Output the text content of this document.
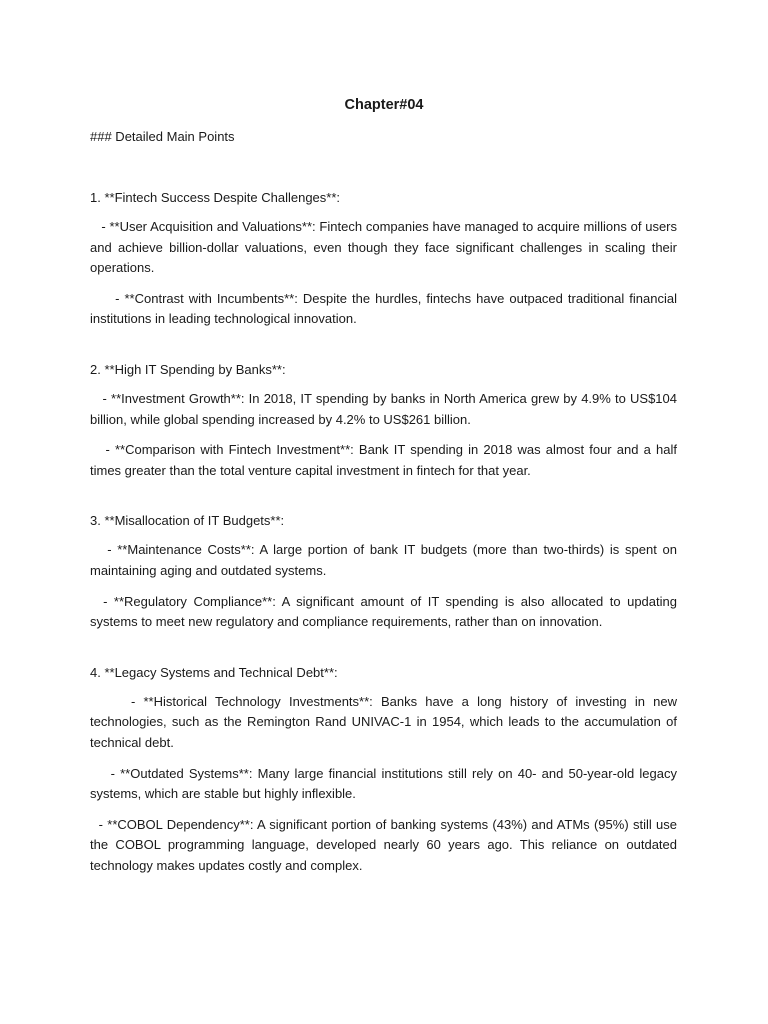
Chapter#04
### Detailed Main Points

1. **Fintech Success Despite Challenges**:

- **User Acquisition and Valuations**: Fintech companies have managed to acquire millions of users and achieve billion-dollar valuations, even though they face significant challenges in scaling their operations.

- **Contrast with Incumbents**: Despite the hurdles, fintechs have outpaced traditional financial institutions in leading technological innovation.

2. **High IT Spending by Banks**:

- **Investment Growth**: In 2018, IT spending by banks in North America grew by 4.9% to US$104 billion, while global spending increased by 4.2% to US$261 billion.

- **Comparison with Fintech Investment**: Bank IT spending in 2018 was almost four and a half times greater than the total venture capital investment in fintech for that year.

3. **Misallocation of IT Budgets**:

- **Maintenance Costs**: A large portion of bank IT budgets (more than two-thirds) is spent on maintaining aging and outdated systems.

- **Regulatory Compliance**: A significant amount of IT spending is also allocated to updating systems to meet new regulatory and compliance requirements, rather than on innovation.

4. **Legacy Systems and Technical Debt**:

- **Historical Technology Investments**: Banks have a long history of investing in new technologies, such as the Remington Rand UNIVAC-1 in 1954, which leads to the accumulation of technical debt.

- **Outdated Systems**: Many large financial institutions still rely on 40- and 50-year-old legacy systems, which are stable but highly inflexible.

- **COBOL Dependency**: A significant portion of banking systems (43%) and ATMs (95%) still use the COBOL programming language, developed nearly 60 years ago. This reliance on outdated technology makes updates costly and complex.
